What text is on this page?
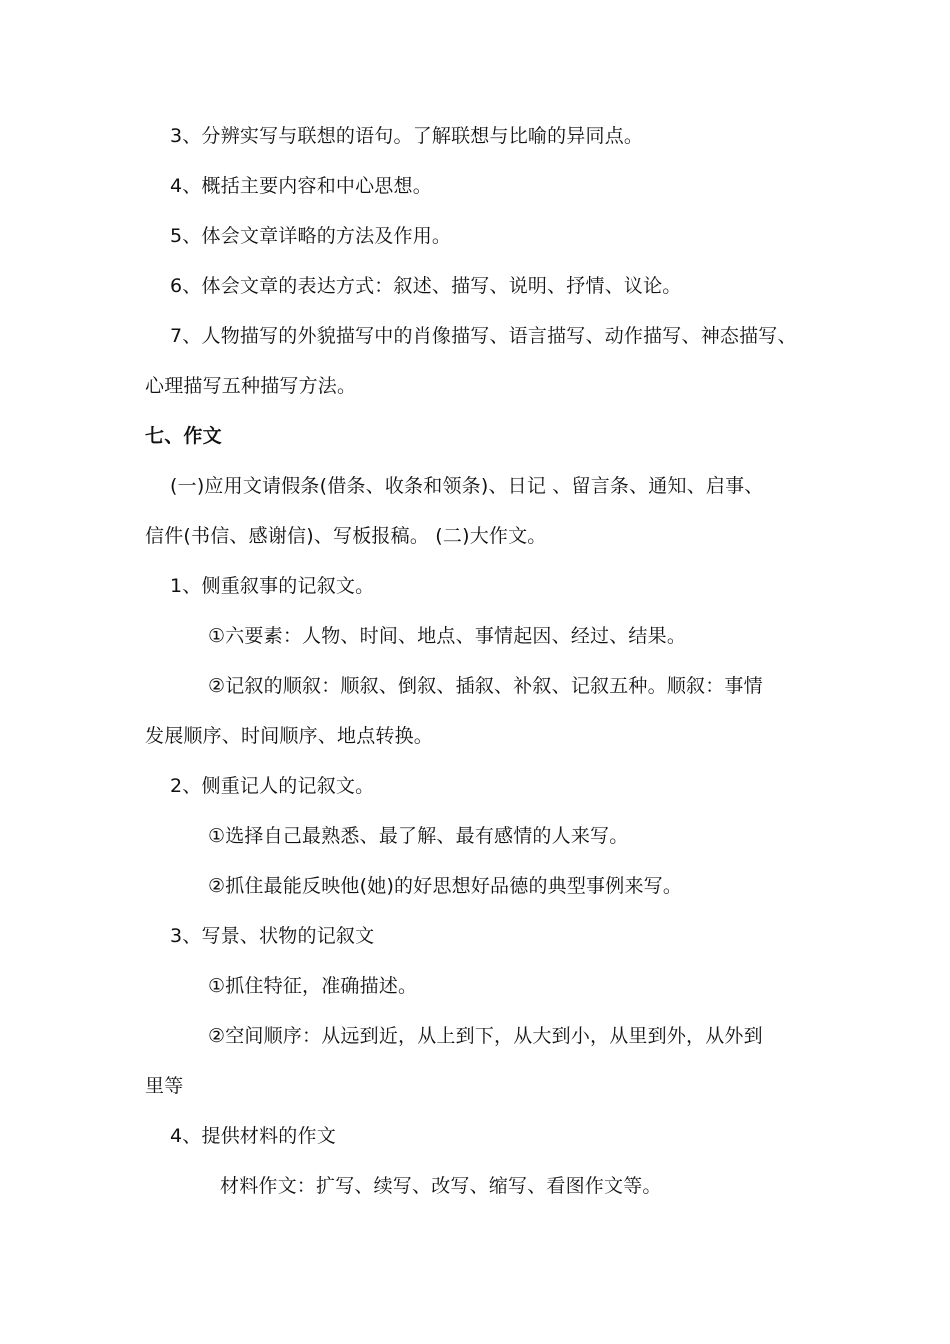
3、分辨实写与联想的语句。了解联想与比喻的异同点。
4、概括主要内容和中心思想。
5、体会文章详略的方法及作用。
6、体会文章的表达方式：叙述、描写、说明、抒情、议论。
7、人物描写的外貌描写中的肖像描写、语言描写、动作描写、神态描写、
心理描写五种描写方法。
七、作文
(一)应用文请假条(借条、收条和领条)、日记 、留言条、通知、启事、
信件(书信、感谢信)、写板报稿。 (二)大作文。
1、侧重叙事的记叙文。
①六要素：人物、时间、地点、事情起因、经过、结果。
②记叙的顺叙：顺叙、倒叙、插叙、补叙、记叙五种。顺叙：事情
发展顺序、时间顺序、地点转换。
2、侧重记人的记叙文。
①选择自己最熟悉、最了解、最有感情的人来写。
②抓住最能反映他(她)的好思想好品德的典型事例来写。
3、写景、状物的记叙文
①抓住特征，准确描述。
②空间顺序：从远到近，从上到下，从大到小，从里到外，从外到
里等
4、提供材料的作文
材料作文：扩写、续写、改写、缩写、看图作文等。
